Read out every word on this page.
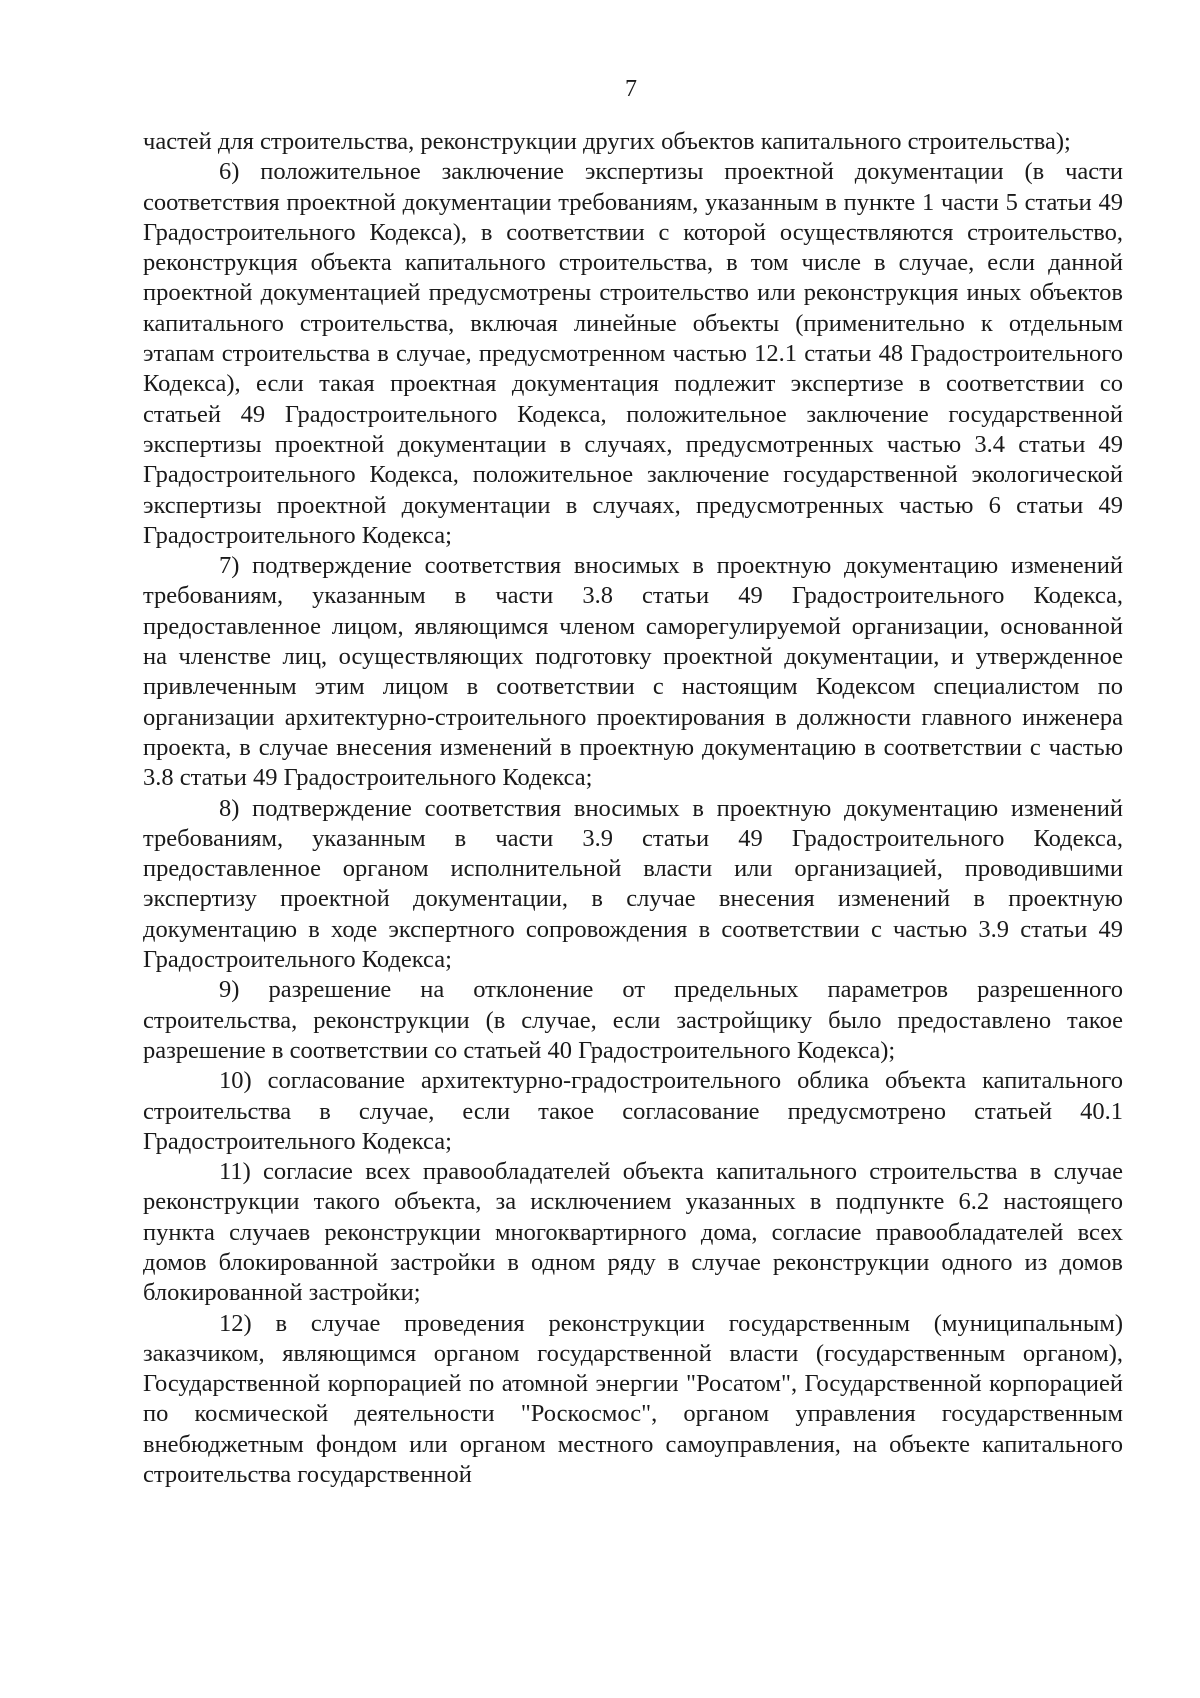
7

частей для строительства, реконструкции других объектов капитального строительства);

6) положительное заключение экспертизы проектной документации (в части соответствия проектной документации требованиям, указанным в пункте 1 части 5 статьи 49 Градостроительного Кодекса), в соответствии с которой осуществляются строительство, реконструкция объекта капитального строительства, в том числе в случае, если данной проектной документацией предусмотрены строительство или реконструкция иных объектов капитального строительства, включая линейные объекты (применительно к отдельным этапам строительства в случае, предусмотренном частью 12.1 статьи 48 Градостроительного Кодекса), если такая проектная документация подлежит экспертизе в соответствии со статьей 49 Градостроительного Кодекса, положительное заключение государственной экспертизы проектной документации в случаях, предусмотренных частью 3.4 статьи 49 Градостроительного Кодекса, положительное заключение государственной экологической экспертизы проектной документации в случаях, предусмотренных частью 6 статьи 49 Градостроительного Кодекса;

7) подтверждение соответствия вносимых в проектную документацию изменений требованиям, указанным в части 3.8 статьи 49 Градостроительного Кодекса, предоставленное лицом, являющимся членом саморегулируемой организации, основанной на членстве лиц, осуществляющих подготовку проектной документации, и утвержденное привлеченным этим лицом в соответствии с настоящим Кодексом специалистом по организации архитектурно-строительного проектирования в должности главного инженера проекта, в случае внесения изменений в проектную документацию в соответствии с частью 3.8 статьи 49 Градостроительного Кодекса;

8) подтверждение соответствия вносимых в проектную документацию изменений требованиям, указанным в части 3.9 статьи 49 Градостроительного Кодекса, предоставленное органом исполнительной власти или организацией, проводившими экспертизу проектной документации, в случае внесения изменений в проектную документацию в ходе экспертного сопровождения в соответствии с частью 3.9 статьи 49 Градостроительного Кодекса;

9) разрешение на отклонение от предельных параметров разрешенного строительства, реконструкции (в случае, если застройщику было предоставлено такое разрешение в соответствии со статьей 40 Градостроительного Кодекса);

10) согласование архитектурно-градостроительного облика объекта капитального строительства в случае, если такое согласование предусмотрено статьей 40.1 Градостроительного Кодекса;

11) согласие всех правообладателей объекта капитального строительства в случае реконструкции такого объекта, за исключением указанных в подпункте 6.2 настоящего пункта случаев реконструкции многоквартирного дома, согласие правообладателей всех домов блокированной застройки в одном ряду в случае реконструкции одного из домов блокированной застройки;

12) в случае проведения реконструкции государственным (муниципальным) заказчиком, являющимся органом государственной власти (государственным органом), Государственной корпорацией по атомной энергии "Росатом", Государственной корпорацией по космической деятельности "Роскосмос", органом управления государственным внебюджетным фондом или органом местного самоуправления, на объекте капитального строительства государственной
